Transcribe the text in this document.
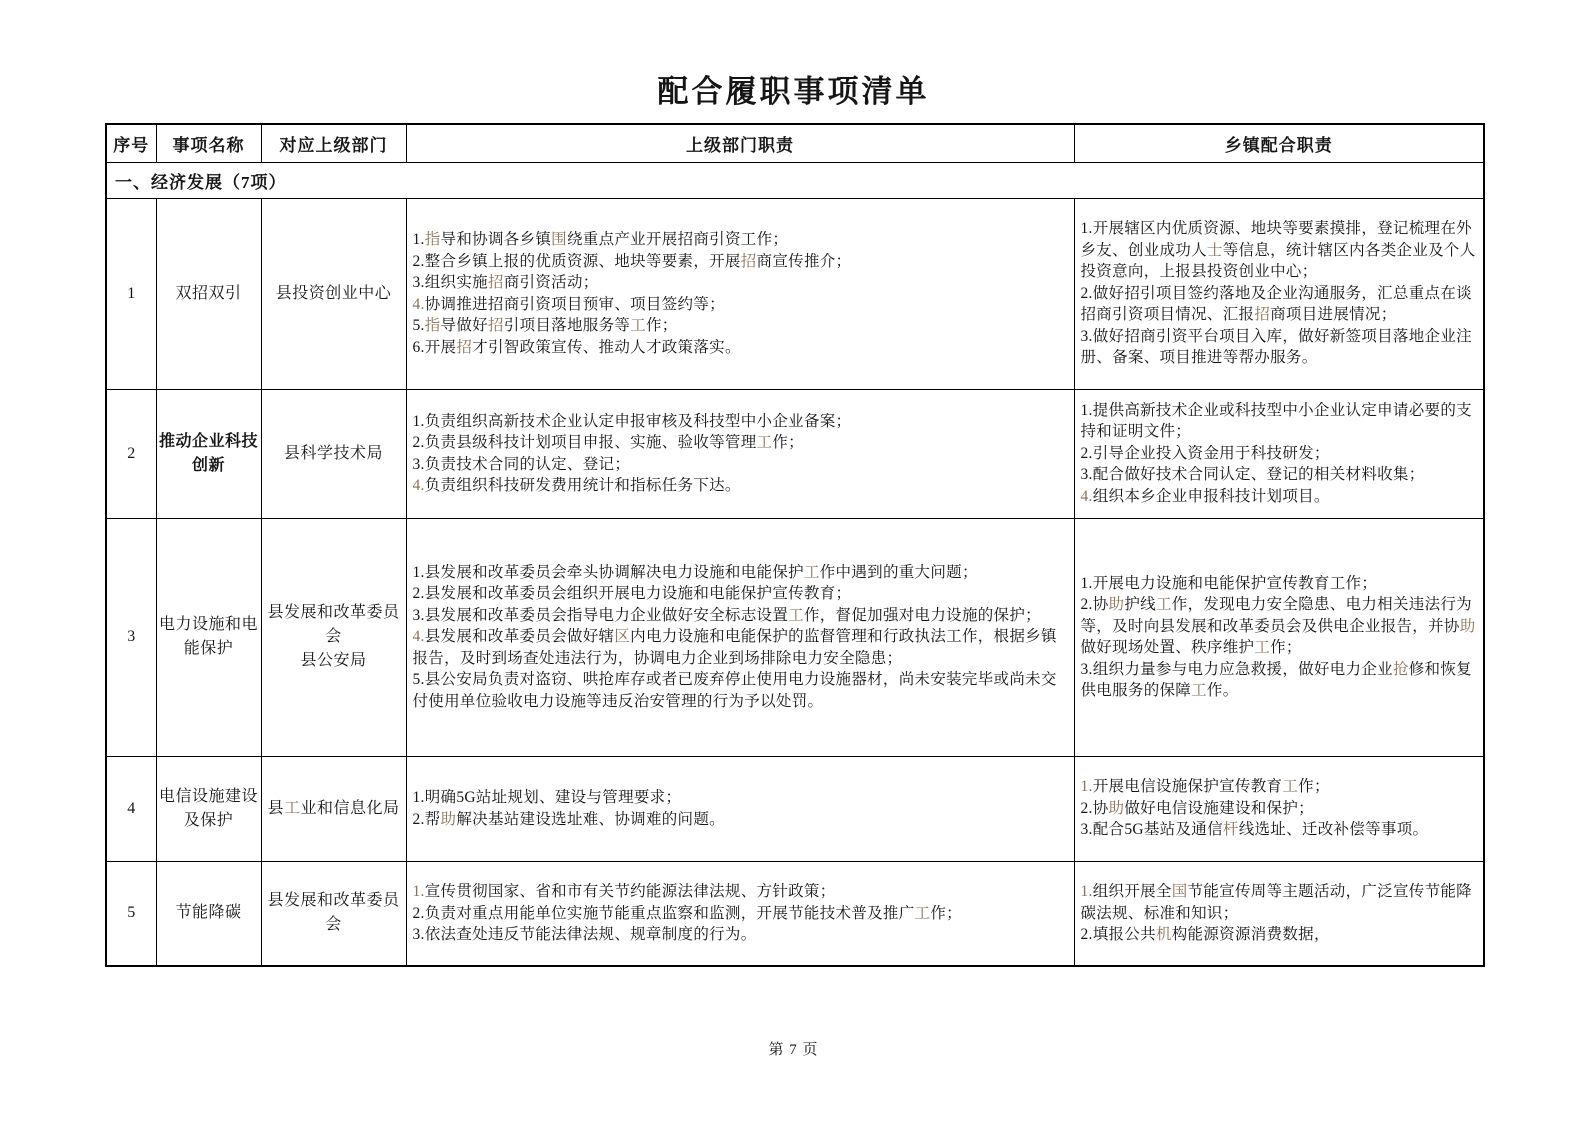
配合履职事项清单
序号	事项名称	对应上级部门	上级部门职责	乡镇配合职责
一、经济发展（7项）				
1	双招双引	县投资创业中心	1.指导和协调各乡镇围绕重点产业开展招商引资工作；
2.整合乡镇上报的优质资源、地块等要素，开展招商宣传推介；
3.组织实施招商引资活动；
4.协调推进招商引资项目预审、项目签约等；
5.指导做好招引项目落地服务等工作；
6.开展招才引智政策宣传、推动人才政策落实。	1.开展辖区内优质资源、地块等要素摸排，登记梳理在外乡友、创业成功人士等信息，统计辖区内各类企业及个人投资意向，上报县投资创业中心；
2.做好招引项目签约落地及企业沟通服务，汇总重点在谈招商引资项目情况、汇报招商项目进展情况；
3.做好招商引资平台项目入库，做好新签项目落地企业注册、备案、项目推进等帮办服务。
2	推动企业科技创新	县科学技术局	1.负责组织高新技术企业认定申报审核及科技型中小企业备案；
2.负责县级科技计划项目申报、实施、验收等管理工作；
3.负责技术合同的认定、登记；
4.负责组织科技研发费用统计和指标任务下达。	1.提供高新技术企业或科技型中小企业认定申请必要的支持和证明文件；
2.引导企业投入资金用于科技研发；
3.配合做好技术合同认定、登记的相关材料收集；
4.组织本乡企业申报科技计划项目。
3	电力设施和电能保护	县发展和改革委员会
县公安局	1.县发展和改革委员会牵头协调解决电力设施和电能保护工作中遇到的重大问题；
2.县发展和改革委员会组织开展电力设施和电能保护宣传教育；
3.县发展和改革委员会指导电力企业做好安全标志设置工作，督促加强对电力设施的保护；
4.县发展和改革委员会做好辖区内电力设施和电能保护的监督管理和行政执法工作，根据乡镇报告，及时到场查处违法行为，协调电力企业到场排除电力安全隐患；
5.县公安局负责对盗窃、哄抢库存或者已废弃停止使用电力设施器材，尚未安装完毕或尚未交付使用单位验收电力设施等违反治安管理的行为予以处罚。	1.开展电力设施和电能保护宣传教育工作；
2.协助护线工作，发现电力安全隐患、电力相关违法行为等，及时向县发展和改革委员会及供电企业报告，并协助做好现场处置、秩序维护工作；
3.组织力量参与电力应急救援，做好电力企业抢修和恢复供电服务的保障工作。
4	电信设施建设及保护	县工业和信息化局	1.明确5G站址规划、建设与管理要求；
2.帮助解决基站建设选址难、协调难的问题。	1.开展电信设施保护宣传教育工作；
2.协助做好电信设施建设和保护；
3.配合5G基站及通信杆线选址、迁改补偿等事项。
5	节能降碳	县发展和改革委员会	1.宣传贯彻国家、省和市有关节约能源法律法规、方针政策；
2.负责对重点用能单位实施节能重点监察和监测，开展节能技术普及推广工作；
3.依法查处违反节能法律法规、规章制度的行为。	1.组织开展全国节能宣传周等主题活动，广泛宣传节能降碳法规、标准和知识；
2.填报公共机构能源资源消费数据，
第 7 页
